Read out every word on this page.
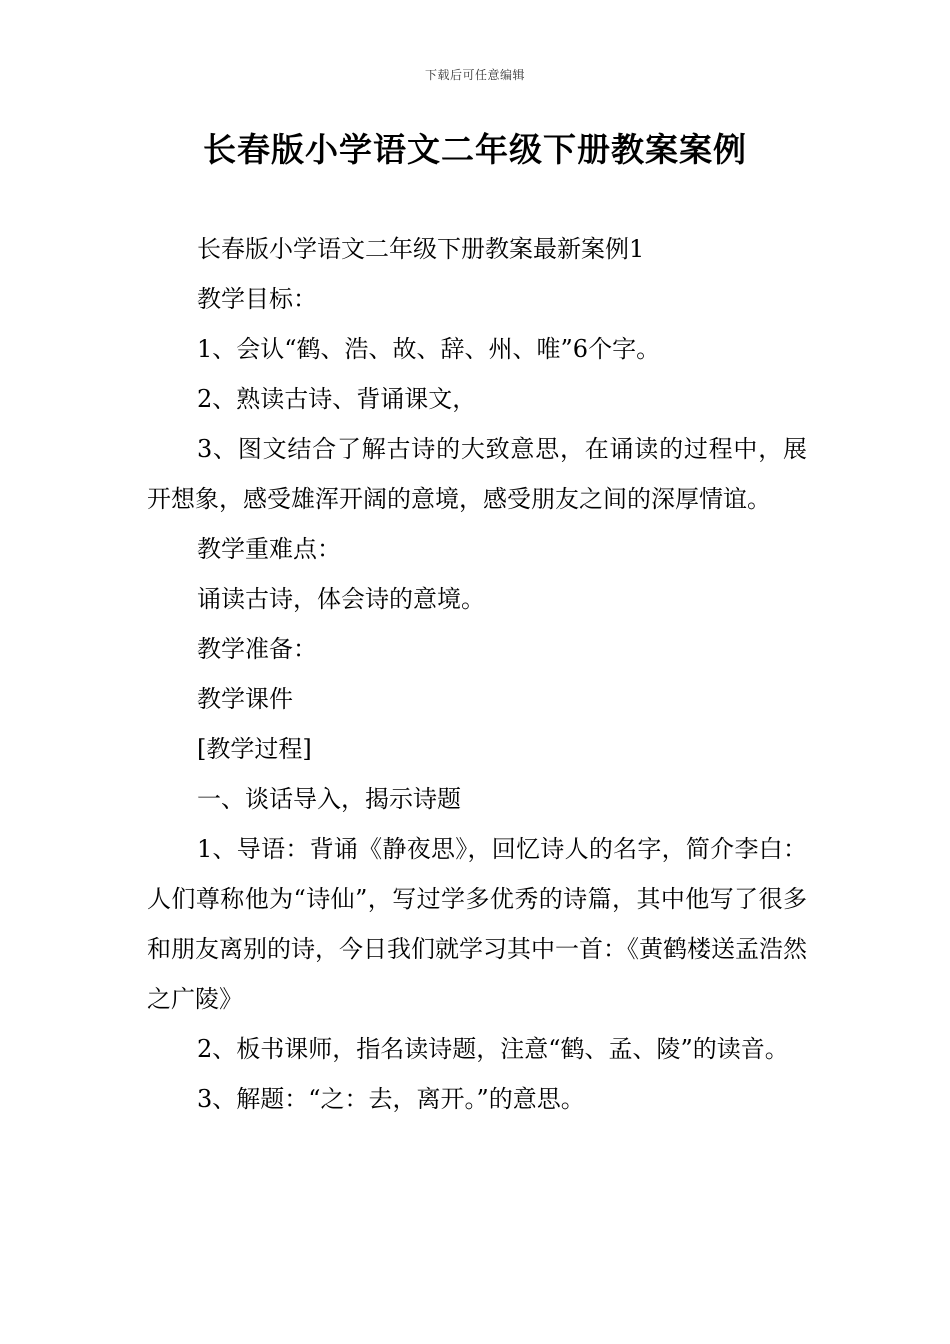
下载后可任意编辑
长春版小学语文二年级下册教案案例

长春版小学语文二年级下册教案最新案例1

教学目标：

1、会认“鹤、浩、故、辞、州、唯”6个字。

2、熟读古诗、背诵课文，

3、图文结合了解古诗的大致意思，在诵读的过程中，展开想象，感受雄浑开阔的意境，感受朋友之间的深厚情谊。

教学重难点：

诵读古诗，体会诗的意境。

教学准备：

教学课件

[教学过程]

一、谈话导入，揭示诗题

1、导语：背诵《静夜思》，回忆诗人的名字，简介李白：人们尊称他为“诗仙”，写过学多优秀的诗篇，其中他写了很多和朋友离别的诗，今日我们就学习其中一首：《黄鹤楼送孟浩然之广陵》

2、板书课师，指名读诗题，注意“鹤、孟、陵”的读音。

3、解题：“之：去，离开。”的意思。
